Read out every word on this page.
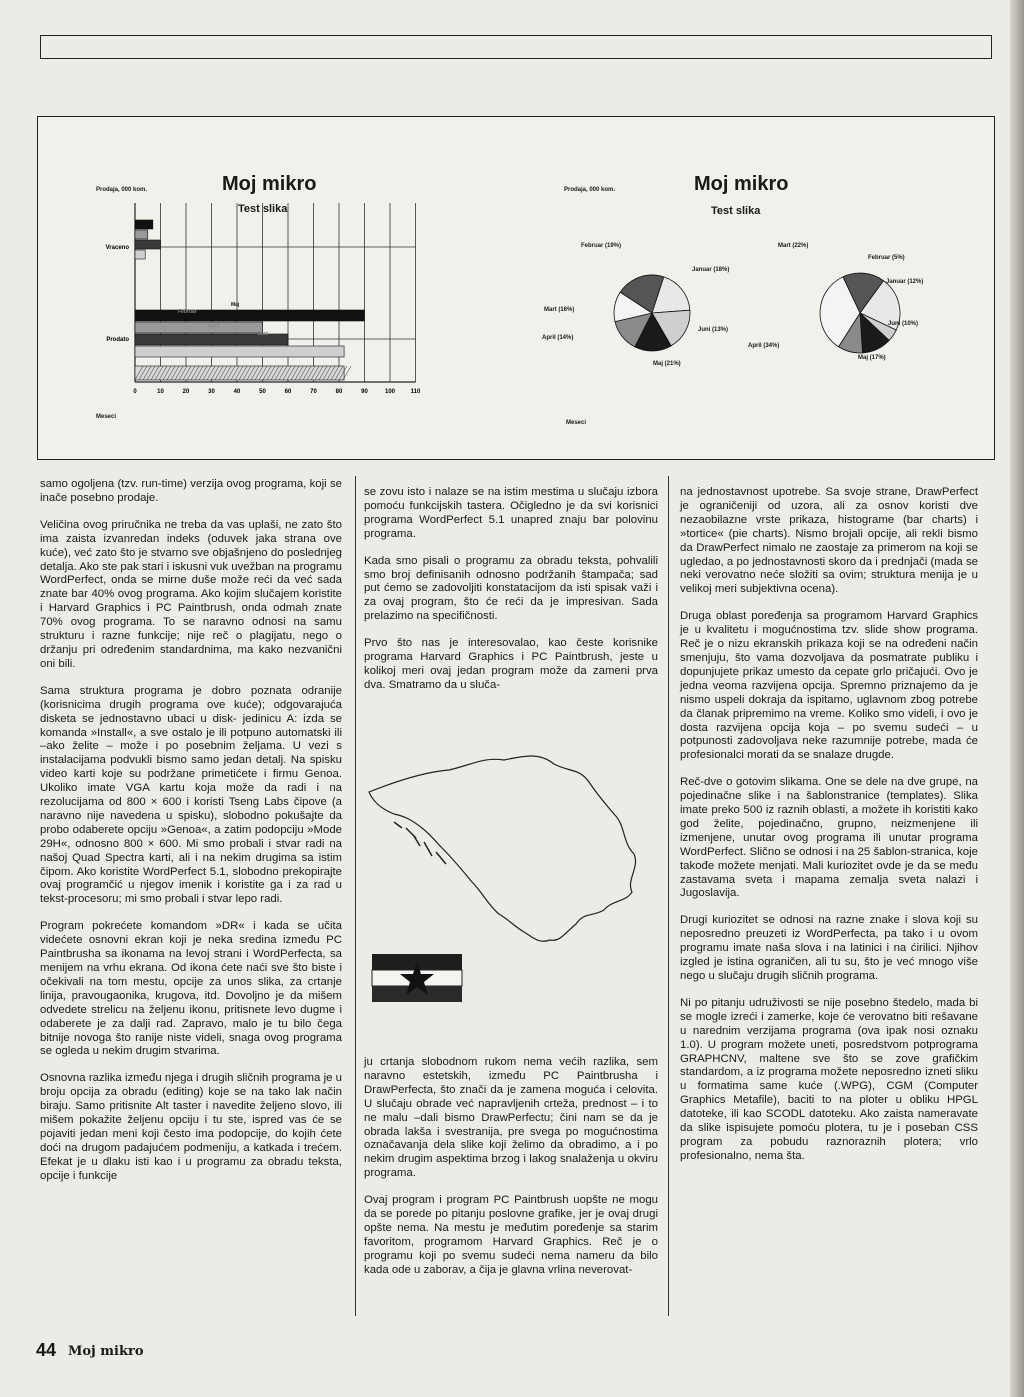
Prodaja, 000 kom.	Moj mikro
Test slika
0	10	20	30	40	50	60	70	80	90	100	110
Vraceno
Prodato
Maj
Februar
April
Juni
Meseci
Prodaja, 000 kom.	Moj mikro
Test slika
Februar (19%)
Januar (18%)
Mart (16%)
April (14%)
Juni (13%)
Maj (21%)
Mart (22%)
Februar (5%)
Januar (12%)
Juni (10%)
April (34%)
Maj (17%)
Meseci

samo ogoljena (tzv. run-time) verzija ovog programa, koji se inače posebno prodaje.

Veličina ovog priručnika ne treba da vas uplaši, ne zato što ima zaista izvanredan indeks (oduvek jaka strana ove kuće), već zato što je stvarno sve objašnjeno do poslednjeg detalja. Ako ste pak stari i iskusni vuk uvežban na programu WordPerfect, onda se mirne duše može reći da već sada znate bar 40% ovog programa. Ako kojim slučajem koristite i Harvard Graphics i PC Paintbrush, onda odmah znate 70% ovog programa. To se naravno odnosi na samu strukturu i razne funkcije; nije reč o plagijatu, nego o držanju pri određenim standardnima, ma kako nezvanični oni bili.

Sama struktura programa je dobro poznata odranije (korisnicima drugih programa ove kuće); odgovarajuća disketa se jednostavno ubaci u disk- jedinicu A: izda se komanda »Install«, a sve ostalo je ili potpuno automatski ili –ako želite – može i po posebnim željama. U vezi s instalacijama podvukli bismo samo jedan detalj. Na spisku video karti koje su podržane primetićete i firmu Genoa. Ukoliko imate VGA kartu koja može da radi i na rezolucijama od 800 × 600 i koristi Tseng Labs čipove (a naravno nije navedena u spisku), slobodno pokušajte da probo odaberete opciju »Genoa«, a zatim podopciju »Mode 29H«, odnosno 800 × 600. Mi smo probali i stvar radi na našoj Quad Spectra karti, ali i na nekim drugima sa istim čipom. Ako koristite WordPerfect 5.1, slobodno prekopirajte ovaj programčić u njegov imenik i koristite ga i za rad u tekst-procesoru; mi smo probali i stvar lepo radi.

Program pokrećete komandom »DR« i kada se učita videćete osnovni ekran koji je neka sredina između PC Paintbrusha sa ikonama na levoj strani i WordPerfecta, sa menijem na vrhu ekrana. Od ikona ćete naći sve što biste i očekivali na tom mestu, opcije za unos slika, za crtanje linija, pravougaonika, krugova, itd. Dovoljno je da mišem odvedete strelicu na željenu ikonu, pritisnete levo dugme i odaberete je za dalji rad. Zapravo, malo je tu bilo čega bitnije novoga što ranije niste videli, snaga ovog programa se ogleda u nekim drugim stvarima.

Osnovna razlika između njega i drugih sličnih programa je u broju opcija za obradu (editing) koje se na tako lak način biraju. Samo pritisnite Alt taster i navedite željeno slovo, ili mišem pokažite željenu opciju i tu ste, ispred vas će se pojaviti jedan meni koji često ima podopcije, do kojih ćete doći na drugom padajućem podmeniju, a katkada i trećem. Efekat je u dlaku isti kao i u programu za obradu teksta, opcije i funkcije

se zovu isto i nalaze se na istim mestima u slučaju izbora pomoću funkcijskih tastera. Očigledno je da svi korisnici programa WordPerfect 5.1 unapred znaju bar polovinu programa.

Kada smo pisali o programu za obradu teksta, pohvalili smo broj definisanih odnosno podržanih štampača; sad put ćemo se zadovoljiti konstatacijom da isti spisak važi i za ovaj program, što će reći da je impresivan. Sada prelazimo na specifičnosti.

Prvo što nas je interesovalao, kao česte korisnike programa Harvard Graphics i PC Paintbrush, jeste u kolikoj meri ovaj jedan program može da zameni prva dva. Smatramo da u sluča-

ju crtanja slobodnom rukom nema većih razlika, sem naravno estetskih, između PC Paintbrusha i DrawPerfecta, što znači da je zamena moguća i celovita. U slučaju obrade već napravljenih crteža, prednost – i to ne malu –dali bismo DrawPerfectu; čini nam se da je obrada lakša i svestranija, pre svega po mogućnostima označavanja dela slike koji želimo da obradimo, a i po nekim drugim aspektima brzog i lakog snalaženja u okviru programa.

Ovaj program i program PC Paintbrush uopšte ne mogu da se porede po pitanju poslovne grafike, jer je ovaj drugi opšte nema. Na mestu je međutim poređenje sa starim favoritom, programom Harvard Graphics. Reč je o programu koji po svemu sudeći nema nameru da bilo kada ode u zaborav, a čija je glavna vrlina neverovat-

na jednostavnost upotrebe. Sa svoje strane, DrawPerfect je ograničeniji od uzora, ali za osnov koristi dve nezaobilazne vrste prikaza, histograme (bar charts) i »tortice« (pie charts). Nismo brojali opcije, ali rekli bismo da DrawPerfect nimalo ne zaostaje za primerom na koji se ugledao, a po jednostavnosti skoro da i prednjači (mada se neki verovatno neće složiti sa ovim; struktura menija je u velikoj meri subjektivna ocena).

Druga oblast poređenja sa programom Harvard Graphics je u kvalitetu i mogućnostima tzv. slide show programa. Reč je o nizu ekranskih prikaza koji se na određeni način smenjuju, što vama dozvoljava da posmatrate publiku i dopunjujete prikaz umesto da cepate grlo pričajući. Ovo je jedna veoma razvijena opcija. Spremno priznajemo da je nismo uspeli dokraja da ispitamo, uglavnom zbog potrebe da članak pripremimo na vreme. Koliko smo videli, i ovo je dosta razvijena opcija koja – po svemu sudeći – u potpunosti zadovoljava neke razumnije potrebe, mada će profesionalci morati da se snalaze drugde.

Reč-dve o gotovim slikama. One se dele na dve grupe, na pojedinačne slike i na šablonstranice (templates). Slika imate preko 500 iz raznih oblasti, a možete ih koristiti kako god želite, pojedinačno, grupno, neizmenjene ili izmenjene, unutar ovog programa ili unutar programa WordPerfect. Slično se odnosi i na 25 šablon-stranica, koje takođe možete menjati. Mali kuriozitet ovde je da se među zastavama sveta i mapama zemalja sveta nalazi i Jugoslavija.

Drugi kuriozitet se odnosi na razne znake i slova koji su neposredno preuzeti iz WordPerfecta, pa tako i u ovom programu imate naša slova i na latinici i na ćirilici. Njihov izgled je istina ograničen, ali tu su, što je već mnogo više nego u slučaju drugih sličnih programa.

Ni po pitanju udruživosti se nije posebno štedelo, mada bi se mogle izreći i zamerke, koje će verovatno biti rešavane u narednim verzijama programa (ova ipak nosi oznaku 1.0). U program možete uneti, posredstvom potprograma GRAPHCNV, maltene sve što se zove grafičkim standardom, a iz programa možete neposredno izneti sliku u formatima same kuće (.WPG), CGM (Computer Graphics Metafile), baciti to na ploter u obliku HPGL datoteke, ili kao SCODL datoteku. Ako zaista nameravate da slike ispisujete pomoću plotera, tu je i poseban CSS program za pobudu raznoraznih plotera; vrlo profesionalno, nema šta.

44 Moj mikro
